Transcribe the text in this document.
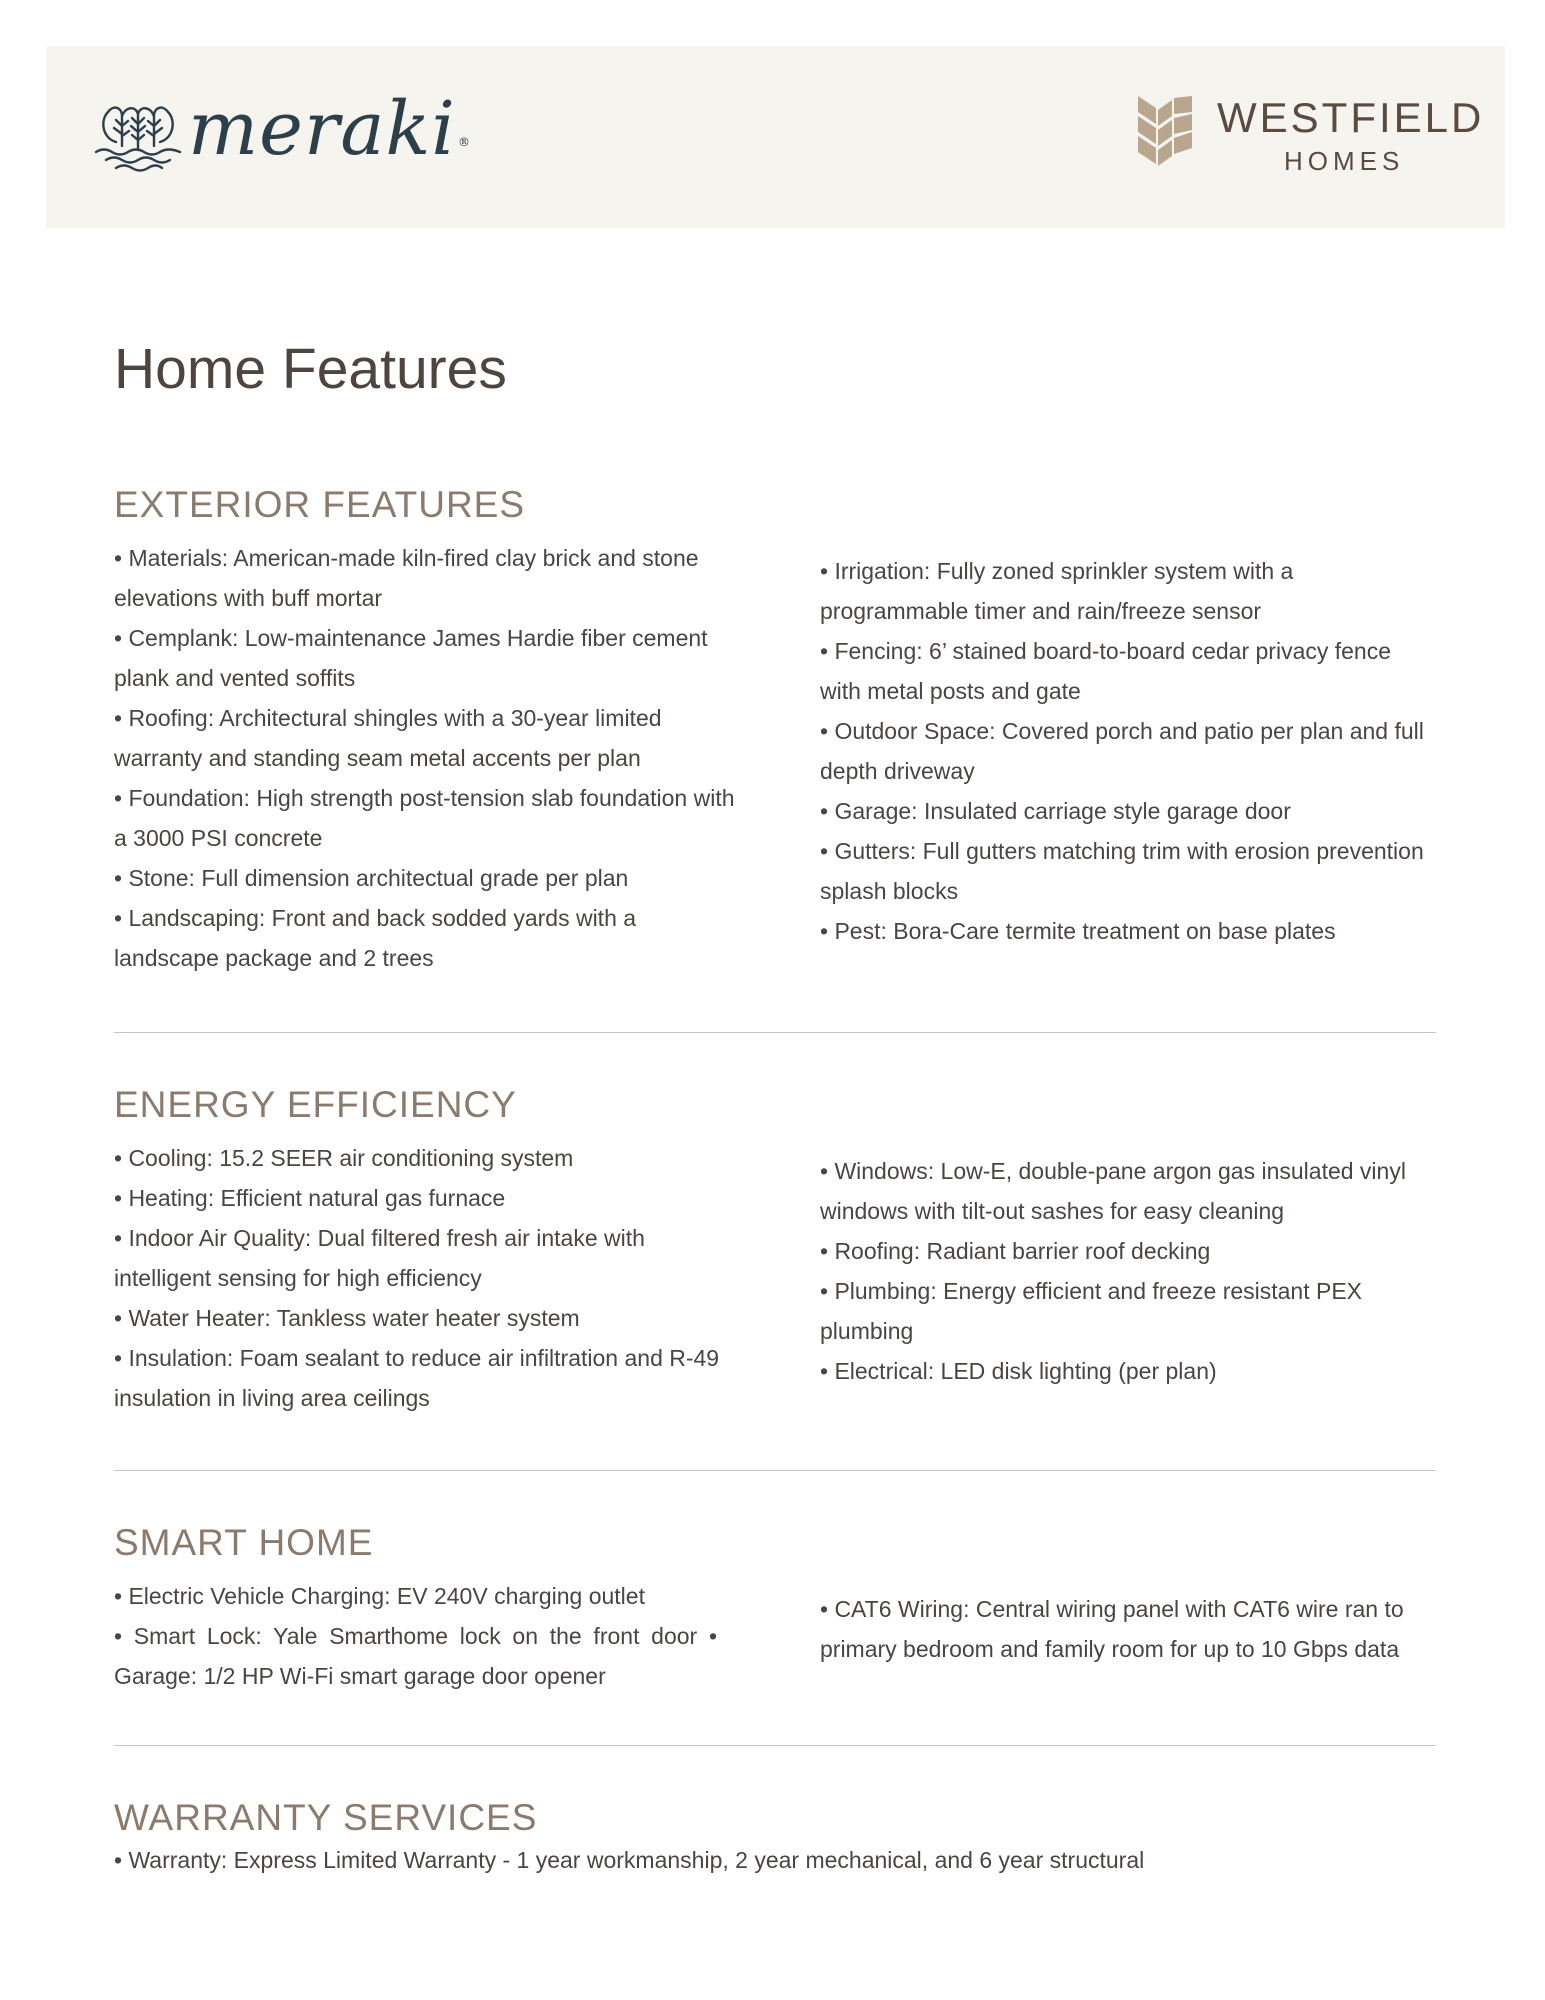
meraki ®
WESTFIELD
HOMES
Home Features
EXTERIOR FEATURES

• Materials: American-made kiln-fired clay brick and stone elevations with buff mortar

• Cemplank: Low-maintenance James Hardie fiber cement plank and vented soffits

• Roofing: Architectural shingles with a 30-year limited warranty and standing seam metal accents per plan

• Foundation: High strength post-tension slab foundation with a 3000 PSI concrete

• Stone: Full dimension architectual grade per plan

• Landscaping: Front and back sodded yards with a landscape package and 2 trees

• Irrigation: Fully zoned sprinkler system with a programmable timer and rain/freeze sensor

• Fencing: 6’ stained board-to-board cedar privacy fence with metal posts and gate

• Outdoor Space: Covered porch and patio per plan and full depth driveway

• Garage: Insulated carriage style garage door

• Gutters: Full gutters matching trim with erosion prevention splash blocks

• Pest: Bora-Care termite treatment on base plates

ENERGY EFFICIENCY

• Cooling: 15.2 SEER air conditioning system

• Heating: Efficient natural gas furnace

• Indoor Air Quality: Dual filtered fresh air intake with intelligent sensing for high efficiency

• Water Heater: Tankless water heater system

• Insulation: Foam sealant to reduce air infiltration and R-49 insulation in living area ceilings

• Windows: Low-E, double-pane argon gas insulated vinyl windows with tilt-out sashes for easy cleaning

• Roofing: Radiant barrier roof decking

• Plumbing: Energy efficient and freeze resistant PEX plumbing

• Electrical: LED disk lighting (per plan)

SMART HOME

• Electric Vehicle Charging: EV 240V charging outlet

• Smart Lock: Yale Smarthome lock on the front door • Garage: 1/2 HP Wi-Fi smart garage door opener

• CAT6 Wiring: Central wiring panel with CAT6 wire ran to primary bedroom and family room for up to 10 Gbps data

WARRANTY SERVICES
• Warranty: Express Limited Warranty - 1 year workmanship, 2 year mechanical, and 6 year structural
